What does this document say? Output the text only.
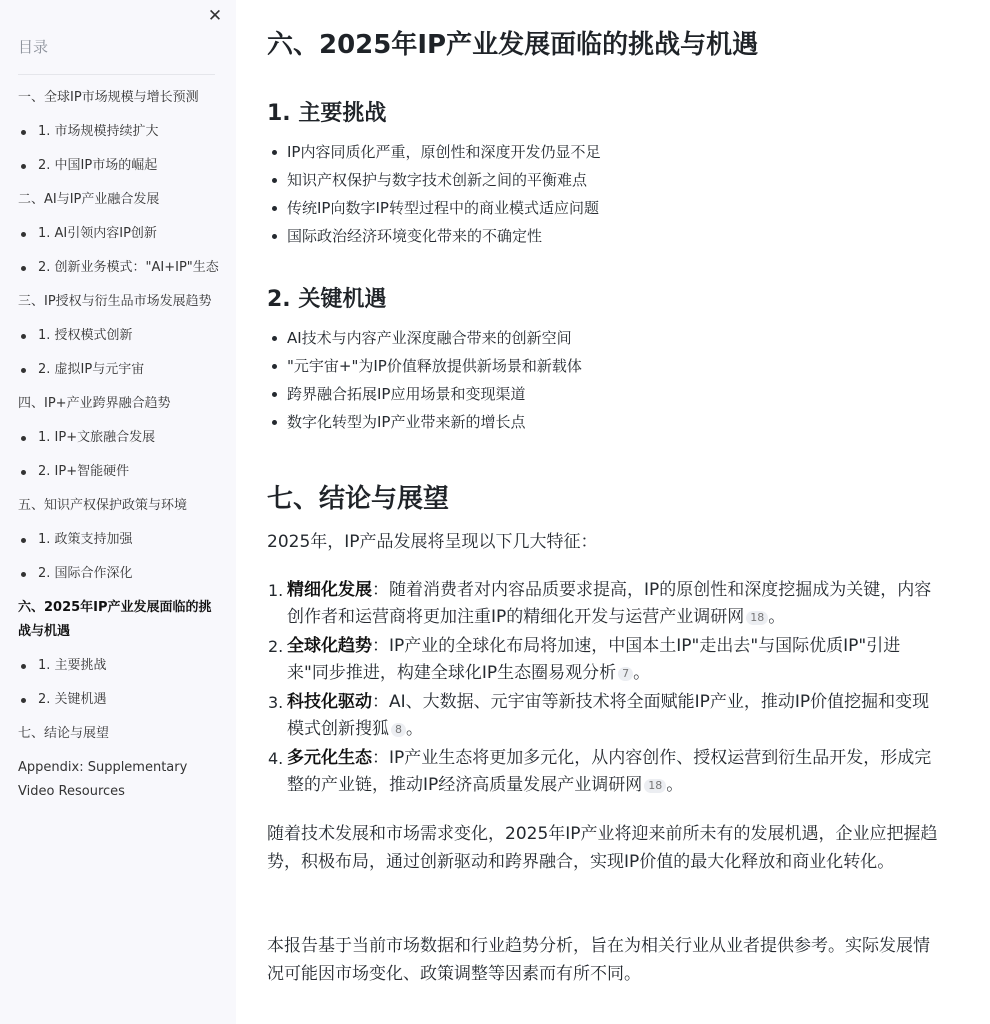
✕
目录
一、全球IP市场规模与增长预测
1. 市场规模持续扩大
2. 中国IP市场的崛起
二、AI与IP产业融合发展
1. AI引领内容IP创新
2. 创新业务模式："AI+IP"生态
三、IP授权与衍生品市场发展趋势
1. 授权模式创新
2. 虚拟IP与元宇宙
四、IP+产业跨界融合趋势
1. IP+文旅融合发展
2. IP+智能硬件
五、知识产权保护政策与环境
1. 政策支持加强
2. 国际合作深化
六、2025年IP产业发展面临的挑战与机遇
1. 主要挑战
2. 关键机遇
七、结论与展望
Appendix: Supplementary Video Resources
六、2025年IP产业发展面临的挑战与机遇
1. 主要挑战
IP内容同质化严重，原创性和深度开发仍显不足
知识产权保护与数字技术创新之间的平衡难点
传统IP向数字IP转型过程中的商业模式适应问题
国际政治经济环境变化带来的不确定性
2. 关键机遇
AI技术与内容产业深度融合带来的创新空间
"元宇宙+"为IP价值释放提供新场景和新载体
跨界融合拓展IP应用场景和变现渠道
数字化转型为IP产业带来新的增长点
七、结论与展望

2025年，IP产品发展将呈现以下几大特征：

1. 精细化发展：随着消费者对内容品质要求提高，IP的原创性和深度挖掘成为关键，内容创作者和运营商将更加注重IP的精细化开发与运营产业调研网 18 。
2. 全球化趋势：IP产业的全球化布局将加速，中国本土IP"走出去"与国际优质IP"引进来"同步推进，构建全球化IP生态圈易观分析 7 。
3. 科技化驱动：AI、大数据、元宇宙等新技术将全面赋能IP产业，推动IP价值挖掘和变现模式创新搜狐 8 。
4. 多元化生态：IP产业生态将更加多元化，从内容创作、授权运营到衍生品开发，形成完整的产业链，推动IP经济高质量发展产业调研网 18 。

随着技术发展和市场需求变化，2025年IP产业将迎来前所未有的发展机遇，企业应把握趋势，积极布局，通过创新驱动和跨界融合，实现IP价值的最大化释放和商业化转化。

本报告基于当前市场数据和行业趋势分析，旨在为相关行业从业者提供参考。实际发展情况可能因市场变化、政策调整等因素而有所不同。
